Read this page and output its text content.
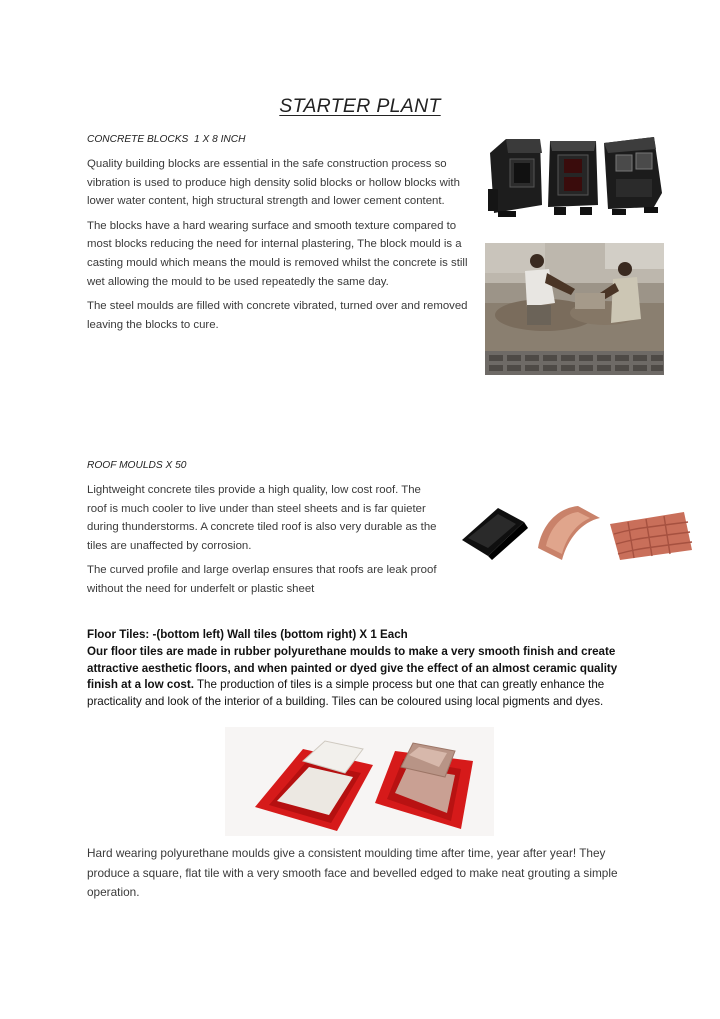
STARTER PLANT
CONCRETE BLOCKS  1 X 8 INCH

Quality building blocks are essential in the safe construction process so vibration is used to produce high density solid blocks or hollow blocks with lower water content, high structural strength and lower cement content.

The blocks have a hard wearing surface and smooth texture compared to most blocks reducing the need for internal plastering, The block mould is a casting mould which means the mould is removed whilst the concrete is still wet allowing the mould to be used repeatedly the same day.

The steel moulds are filled with concrete vibrated, turned over and removed leaving the blocks to cure.

ROOF MOULDS X 50

Lightweight concrete tiles provide a high quality, low cost roof. The roof is much cooler to live under than steel sheets and is far quieter during thunderstorms. A concrete tiled roof is also very durable as the tiles are unaffected by corrosion.

The curved profile and large overlap ensures that roofs are leak proof without the need for underfelt or plastic sheet

Floor Tiles: -(bottom left) Wall tiles (bottom right) X 1 Each
Our floor tiles are made in rubber polyurethane moulds to make a very smooth finish and create attractive aesthetic floors, and when painted or dyed give the effect of an almost ceramic quality finish at a low cost. The production of tiles is a simple process but one that can greatly enhance the practicality and look of the interior of a building. Tiles can be coloured using local pigments and dyes.
Hard wearing polyurethane moulds give a consistent moulding time after time, year after year! They produce a square, flat tile with a very smooth face and bevelled edged to make neat grouting a simple operation.
